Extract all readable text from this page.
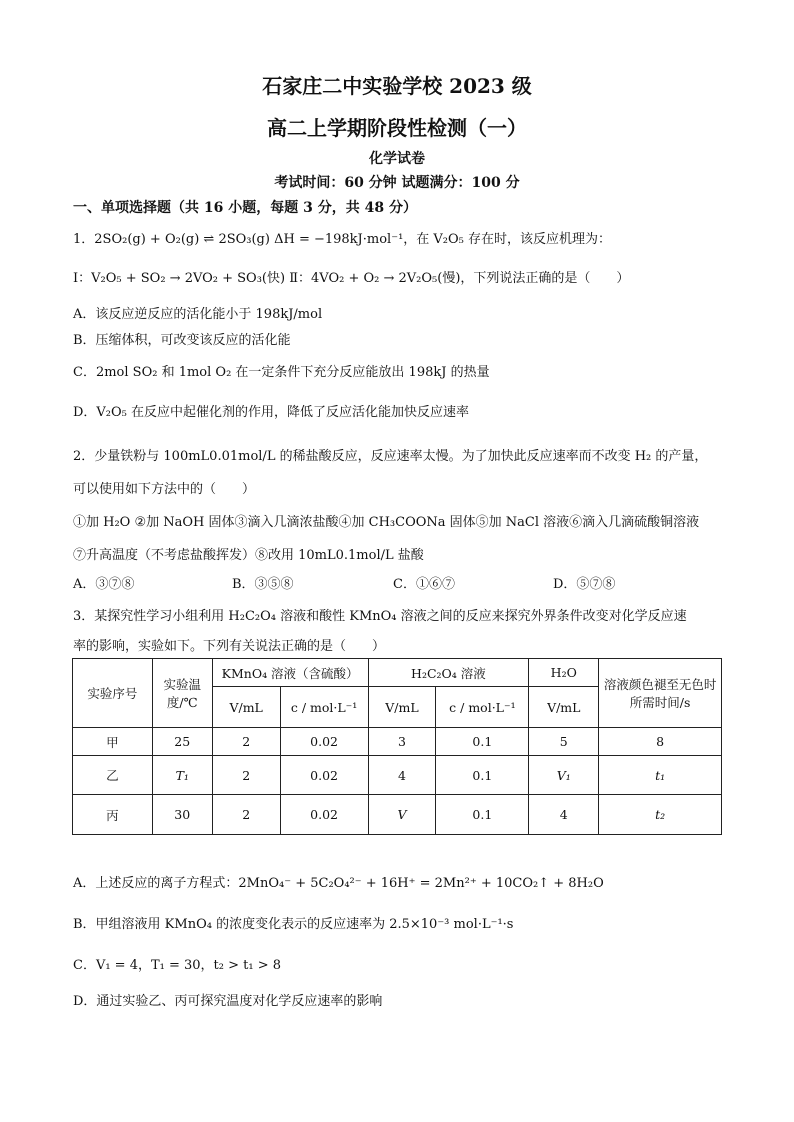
石家庄二中实验学校 2023 级
高二上学期阶段性检测（一）
化学试卷
考试时间：60 分钟 试题满分：100 分
一、单项选择题（共 16 小题，每题 3 分，共 48 分）
1．2SO₂(g) + O₂(g) ⇌ 2SO₃(g) ΔH = −198kJ·mol⁻¹，在 V₂O₅ 存在时，该反应机理为：
Ⅰ：V₂O₅ + SO₂ → 2VO₂ + SO₃(快) Ⅱ：4VO₂ + O₂ → 2V₂O₅(慢)，下列说法正确的是（　　）
A．该反应逆反应的活化能小于 198kJ/mol
B．压缩体积，可改变该反应的活化能
C．2mol SO₂ 和 1mol O₂ 在一定条件下充分反应能放出 198kJ 的热量
D．V₂O₅ 在反应中起催化剂的作用，降低了反应活化能加快反应速率
2．少量铁粉与 100mL0.01mol/L 的稀盐酸反应，反应速率太慢。为了加快此反应速率而不改变 H₂ 的产量，
可以使用如下方法中的（　　）
①加 H₂O ②加 NaOH 固体③滴入几滴浓盐酸④加 CH₃COONa 固体⑤加 NaCl 溶液⑥滴入几滴硫酸铜溶液
⑦升高温度（不考虑盐酸挥发）⑧改用 10mL0.1mol/L 盐酸
A．③⑦⑧	B．③⑤⑧	C．①⑥⑦	D．⑤⑦⑧
3．某探究性学习小组利用 H₂C₂O₄ 溶液和酸性 KMnO₄ 溶液之间的反应来探究外界条件改变对化学反应速
率的影响，实验如下。下列有关说法正确的是（　　）
实验序号	实验温度/℃	KMnO₄ 溶液（含硫酸）		H₂C₂O₄ 溶液		H₂O	溶液颜色褪至无色时所需时间/s
		V/mL	c / mol·L⁻¹	V/mL	c / mol·L⁻¹	V/mL	
甲	25	2	0.02	3	0.1	5	8
乙	T₁	2	0.02	4	0.1	V₁	t₁
丙	30	2	0.02	V	0.1	4	t₂
A．上述反应的离子方程式：2MnO₄⁻ + 5C₂O₄²⁻ + 16H⁺ = 2Mn²⁺ + 10CO₂↑ + 8H₂O
B．甲组溶液用 KMnO₄ 的浓度变化表示的反应速率为 2.5×10⁻³ mol·L⁻¹·s
C．V₁ = 4，T₁ = 30，t₂ > t₁ > 8
D．通过实验乙、丙可探究温度对化学反应速率的影响
